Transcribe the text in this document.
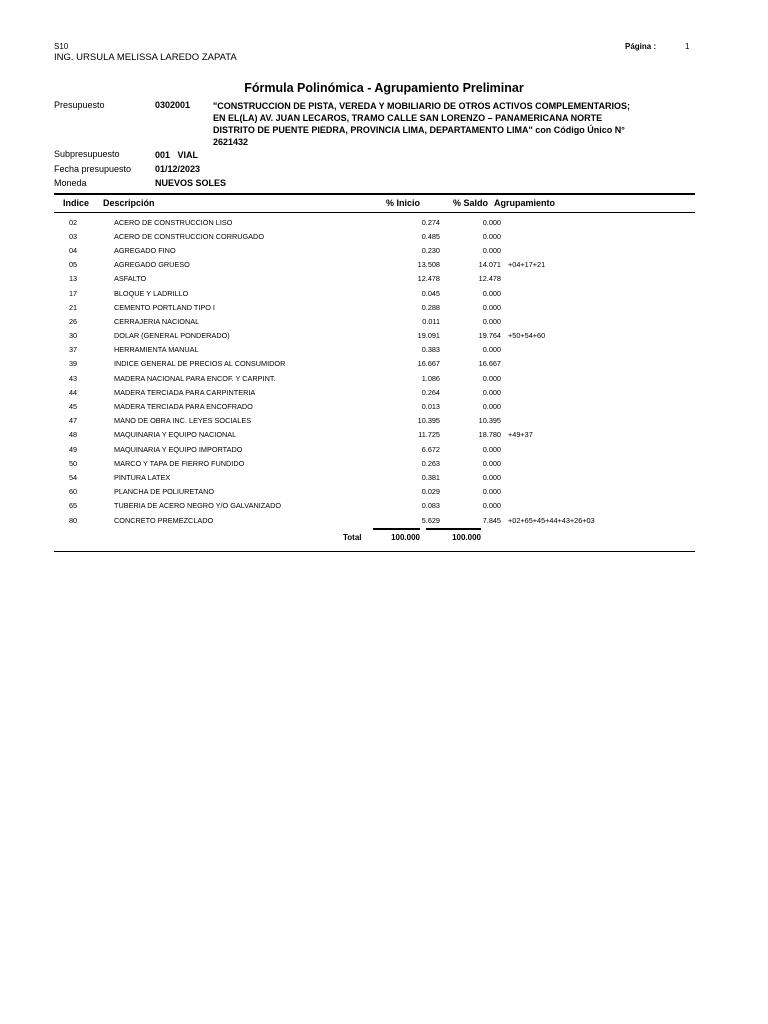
S10
ING. URSULA MELISSA LAREDO ZAPATA
Página :	1
Fórmula Polinómica - Agrupamiento Preliminar
Presupuesto	0302001	"CONSTRUCCION DE PISTA, VEREDA Y MOBILIARIO DE OTROS ACTIVOS COMPLEMENTARIOS; EN EL(LA) AV. JUAN LECAROS, TRAMO CALLE SAN LORENZO – PANAMERICANA NORTE DISTRITO DE PUENTE PIEDRA, PROVINCIA LIMA, DEPARTAMENTO LIMA" con Código Único N° 2621432
Subpresupuesto	001   VIAL
Fecha presupuesto	01/12/2023
Moneda	NUEVOS SOLES
Indice Descripción	% Inicio	% Saldo Agrupamiento
02	ACERO DE CONSTRUCCION LISO	0.274	0.000	
03	ACERO DE CONSTRUCCION CORRUGADO	0.485	0.000	
04	AGREGADO FINO	0.230	0.000	
05	AGREGADO GRUESO	13.508	14.071	+04+17+21
13	ASFALTO	12.478	12.478	
17	BLOQUE Y LADRILLO	0.045	0.000	
21	CEMENTO PORTLAND TIPO I	0.288	0.000	
26	CERRAJERIA NACIONAL	0.011	0.000	
30	DOLAR (GENERAL PONDERADO)	19.091	19.764	+50+54+60
37	HERRAMIENTA MANUAL	0.383	0.000	
39	INDICE GENERAL DE PRECIOS AL CONSUMIDOR	16.667	16.667	
43	MADERA NACIONAL PARA ENCOF. Y CARPINT.	1.086	0.000	
44	MADERA TERCIADA PARA CARPINTERIA	0.264	0.000	
45	MADERA TERCIADA PARA ENCOFRADO	0.013	0.000	
47	MANO DE OBRA INC. LEYES SOCIALES	10.395	10.395	
48	MAQUINARIA Y EQUIPO NACIONAL	11.725	18.780	+49+37
49	MAQUINARIA Y EQUIPO IMPORTADO	6.672	0.000	
50	MARCO Y TAPA DE FIERRO FUNDIDO	0.263	0.000	
54	PINTURA LATEX	0.381	0.000	
60	PLANCHA DE POLIURETANO	0.029	0.000	
65	TUBERIA DE ACERO NEGRO Y/O GALVANIZADO	0.083	0.000	
80	CONCRETO PREMEZCLADO	5.629	7.845	+02+65+45+44+43+26+03
Total	100.000	100.000
